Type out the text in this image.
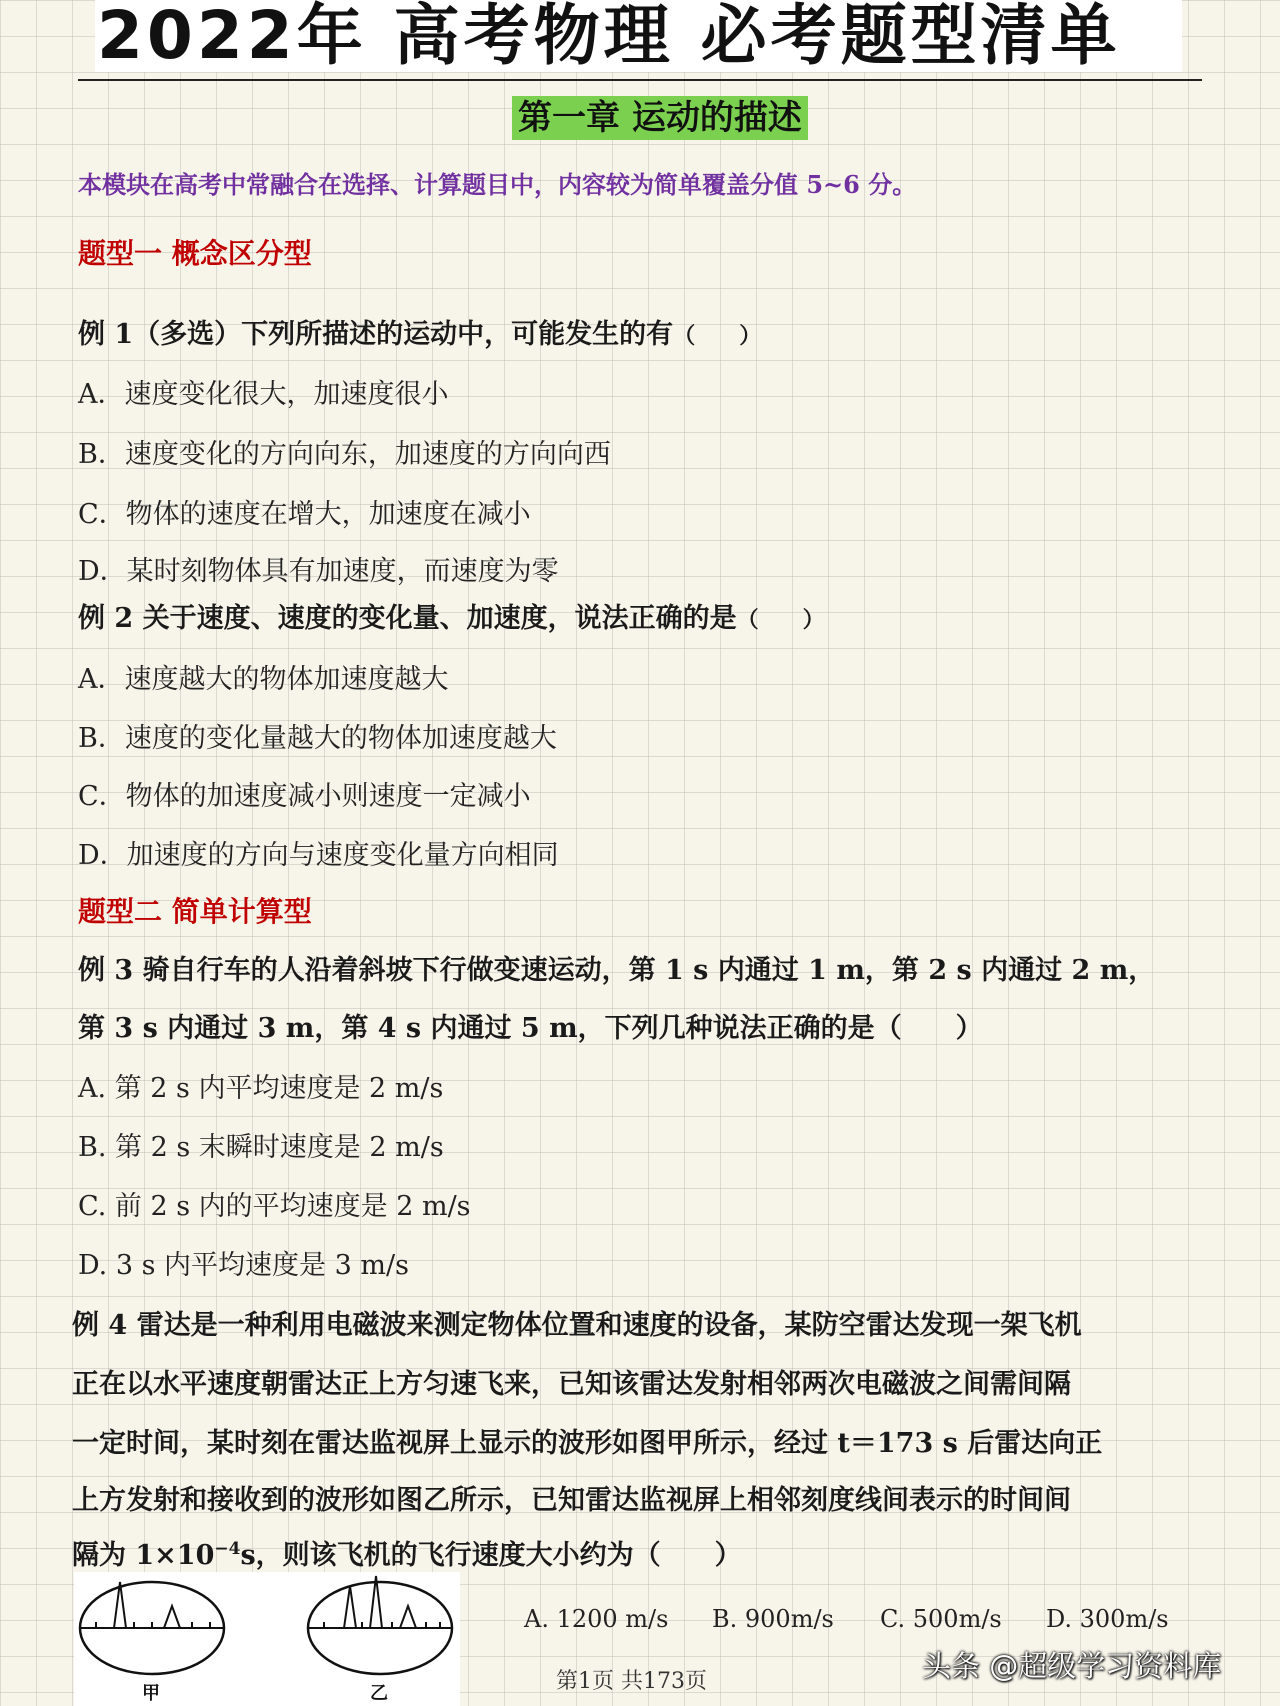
2022年 高考物理 必考题型清单
第一章 运动的描述
本模块在高考中常融合在选择、计算题目中，内容较为简单覆盖分值 5~6 分。
题型一 概念区分型
例 1（多选）下列所描述的运动中，可能发生的有（　　）
A．速度变化很大，加速度很小
B．速度变化的方向向东，加速度的方向向西
C．物体的速度在增大，加速度在减小
D．某时刻物体具有加速度，而速度为零
例 2 关于速度、速度的变化量、加速度，说法正确的是（　　）
A．速度越大的物体加速度越大
B．速度的变化量越大的物体加速度越大
C．物体的加速度减小则速度一定减小
D．加速度的方向与速度变化量方向相同
题型二 简单计算型
例 3 骑自行车的人沿着斜坡下行做变速运动，第 1 s 内通过 1 m，第 2 s 内通过 2 m，
第 3 s 内通过 3 m，第 4 s 内通过 5 m，下列几种说法正确的是（　　）
A. 第 2 s 内平均速度是 2 m/s
B. 第 2 s 末瞬时速度是 2 m/s
C. 前 2 s 内的平均速度是 2 m/s
D. 3 s 内平均速度是 3 m/s
例 4 雷达是一种利用电磁波来测定物体位置和速度的设备，某防空雷达发现一架飞机
正在以水平速度朝雷达正上方匀速飞来，已知该雷达发射相邻两次电磁波之间需间隔
一定时间，某时刻在雷达监视屏上显示的波形如图甲所示，经过 t＝173 s 后雷达向正
上方发射和接收到的波形如图乙所示，已知雷达监视屏上相邻刻度线间表示的时间间
隔为 $1\times 10^{-4}s$，则该飞机的飞行速度大小约为（　　）
甲	乙
A. 1200 m/s B. 900m/s C. 500m/s D. 300m/s
第1页 共173页	头条 @超级学习资料库
